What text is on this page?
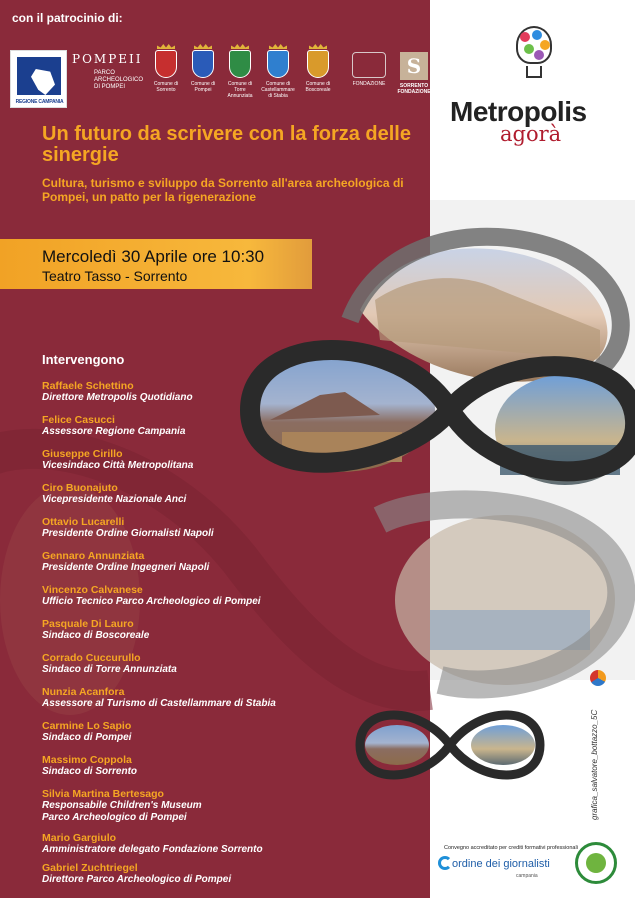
con il patrocinio di:
REGIONE CAMPANIA
POMPEII
PARCO ARCHEOLOGICO DI POMPEI	Comune di Sorrento
Comune di Pompei
Comune di Torre Annunziata
Comune di Castellammare di Stabia
Comune di Boscoreale
FONDAZIONE
S
SORRENTO FONDAZIONE
Metropolis
agorà
Un futuro da scrivere con la forza delle sinergie
Cultura, turismo e sviluppo da Sorrento all'area archeologica di Pompei, un patto per la rigenerazione
Mercoledì 30 Aprile ore 10:30
Teatro Tasso - Sorrento
Intervengono
Raffaele Schettino
Direttore Metropolis Quotidiano
Felice Casucci
Assessore Regione Campania
Giuseppe Cirillo
Vicesindaco Città Metropolitana
Ciro Buonajuto
Vicepresidente Nazionale Anci
Ottavio Lucarelli
Presidente Ordine Giornalisti Napoli
Gennaro Annunziata
Presidente Ordine Ingegneri Napoli
Vincenzo Calvanese
Ufficio Tecnico Parco Archeologico di Pompei
Pasquale Di Lauro
Sindaco di Boscoreale
Corrado Cuccurullo
Sindaco di Torre Annunziata
Nunzia Acanfora
Assessore al Turismo di Castellammare di Stabia
Carmine Lo Sapio
Sindaco di Pompei
Massimo Coppola
Sindaco di Sorrento
Silvia Martina Bertesago
Responsabile Children's Museum Parco Archeologico di Pompei
Mario Gargiulo
Amministratore delegato Fondazione Sorrento
Gabriel Zuchtriegel
Direttore Parco Archeologico di Pompei
grafica_salvatore_bottazzo_5C
Convegno accreditato per crediti formativi professionali
ordine dei giornalisti
campania
